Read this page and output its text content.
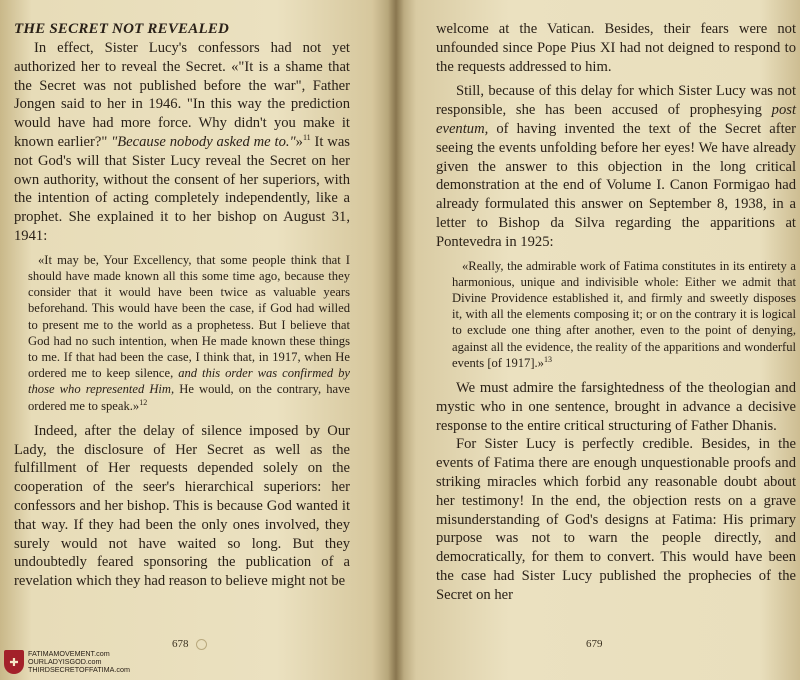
THE SECRET NOT REVEALED

In effect, Sister Lucy's confessors had not yet authorized her to reveal the Secret. «"It is a shame that the Secret was not published before the war", Father Jongen said to her in 1946. "In this way the prediction would have had more force. Why didn't you make it known earlier?" "Because nobody asked me to."»$^{11}$ It was not God's will that Sister Lucy reveal the Secret on her own authority, without the consent of her superiors, with the intention of acting completely independently, like a prophet. She explained it to her bishop on August 31, 1941:

«It may be, Your Excellency, that some people think that I should have made known all this some time ago, because they consider that it would have been twice as valuable years beforehand. This would have been the case, if God had willed to present me to the world as a prophetess. But I believe that God had no such intention, when He made known these things to me. If that had been the case, I think that, in 1917, when He ordered me to keep silence, and this order was confirmed by those who represented Him, He would, on the contrary, have ordered me to speak.»$^{12}$

Indeed, after the delay of silence imposed by Our Lady, the disclosure of Her Secret as well as the fulfillment of Her requests depended solely on the cooperation of the seer's hierarchical superiors: her confessors and her bishop. This is because God wanted it that way. If they had been the only ones involved, they surely would not have waited so long. But they undoubtedly feared sponsoring the publication of a revelation which they had reason to believe might not be

678
✚
FATIMAMOVEMENT.com
OURLADYISGOD.com
THIRDSECRETOFFATIMA.com

welcome at the Vatican. Besides, their fears were not unfounded since Pope Pius XI had not deigned to respond to the requests addressed to him.

Still, because of this delay for which Sister Lucy was not responsible, she has been accused of prophesying post eventum, of having invented the text of the Secret after seeing the events unfolding before her eyes! We have already given the answer to this objection in the long critical demonstration at the end of Volume I. Canon Formigao had already formulated this answer on September 8, 1938, in a letter to Bishop da Silva regarding the apparitions at Pontevedra in 1925:

«Really, the admirable work of Fatima constitutes in its entirety a harmonious, unique and indivisible whole: Either we admit that Divine Providence established it, and firmly and sweetly disposes it, with all the elements composing it; or on the contrary it is logical to exclude one thing after another, even to the point of denying, against all the evidence, the reality of the apparitions and wonderful events [of 1917].»$^{13}$

We must admire the farsightedness of the theologian and mystic who in one sentence, brought in advance a decisive response to the entire critical structuring of Father Dhanis.

For Sister Lucy is perfectly credible. Besides, in the events of Fatima there are enough unquestionable proofs and striking miracles which forbid any reasonable doubt about her testimony! In the end, the objection rests on a grave misunderstanding of God's designs at Fatima: His primary purpose was not to warn the people directly, and democratically, for them to convert. This would have been the case had Sister Lucy published the prophecies of the Secret on her

679
